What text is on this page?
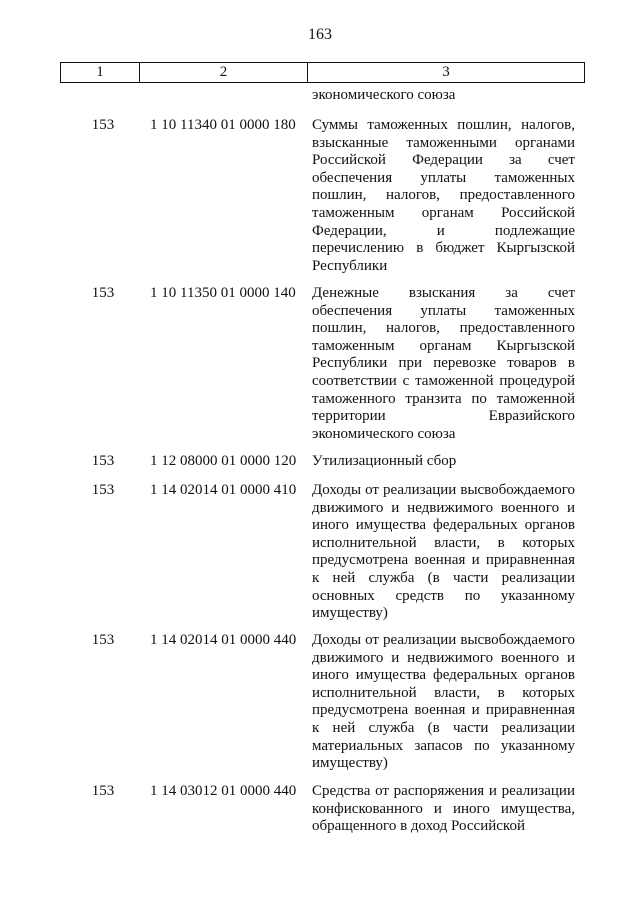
163
1	2	3
экономического союза
153	1 10 11340 01 0000 180	Суммы таможенных пошлин, налогов, взысканные таможенными органами Российской Федерации за счет обеспечения уплаты таможенных пошлин, налогов, предоставленного таможенным органам Российской Федерации, и подлежащие перечислению в бюджет Кыргызской Республики
153	1 10 11350 01 0000 140	Денежные взыскания за счет обеспечения уплаты таможенных пошлин, налогов, предоставленного таможенным органам Кыргызской Республики при перевозке товаров в соответствии с таможенной процедурой таможенного транзита по таможенной территории Евразийского экономического союза
153	1 12 08000 01 0000 120	Утилизационный сбор
153	1 14 02014 01 0000 410	Доходы от реализации высвобождаемого движимого и недвижимого военного и иного имущества федеральных органов исполнительной власти, в которых предусмотрена военная и приравненная к ней служба (в части реализации основных средств по указанному имуществу)
153	1 14 02014 01 0000 440	Доходы от реализации высвобождаемого движимого и недвижимого военного и иного имущества федеральных органов исполнительной власти, в которых предусмотрена военная и приравненная к ней служба (в части реализации материальных запасов по указанному имуществу)
153	1 14 03012 01 0000 440	Средства от распоряжения и реализации конфискованного и иного имущества, обращенного в доход Российской
